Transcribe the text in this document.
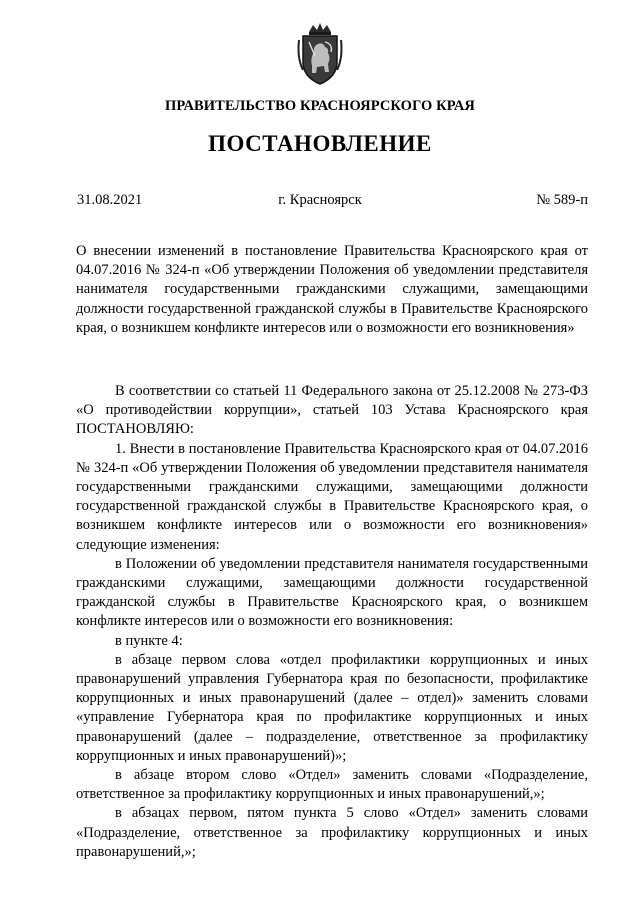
ПРАВИТЕЛЬСТВО КРАСНОЯРСКОГО КРАЯ
ПОСТАНОВЛЕНИЕ
31.08.2021	г. Красноярск	№ 589-п

О внесении изменений в постановление Правительства Красноярского края от 04.07.2016 № 324-п «Об утверждении Положения об уведомлении представителя нанимателя государственными гражданскими служащими, замещающими должности государственной гражданской службы в Правительстве Красноярского края, о возникшем конфликте интересов или о возможности его возникновения»

В соответствии со статьей 11 Федерального закона от 25.12.2008 № 273-ФЗ «О противодействии коррупции», статьей 103 Устава Красноярского края ПОСТАНОВЛЯЮ:

1. Внести в постановление Правительства Красноярского края от 04.07.2016 № 324-п «Об утверждении Положения об уведомлении представителя нанимателя государственными гражданскими служащими, замещающими должности государственной гражданской службы в Правительстве Красноярского края, о возникшем конфликте интересов или о возможности его возникновения» следующие изменения:

в Положении об уведомлении представителя нанимателя государственными гражданскими служащими, замещающими должности государственной гражданской службы в Правительстве Красноярского края, о возникшем конфликте интересов или о возможности его возникновения:

в пункте 4:

в абзаце первом слова «отдел профилактики коррупционных и иных правонарушений управления Губернатора края по безопасности, профилактике коррупционных и иных правонарушений (далее – отдел)» заменить словами «управление Губернатора края по профилактике коррупционных и иных правонарушений (далее – подразделение, ответственное за профилактику коррупционных и иных правонарушений)»;

в абзаце втором слово «Отдел» заменить словами «Подразделение, ответственное за профилактику коррупционных и иных правонарушений,»;

в абзацах первом, пятом пункта 5 слово «Отдел» заменить словами «Подразделение, ответственное за профилактику коррупционных и иных правонарушений,»;
